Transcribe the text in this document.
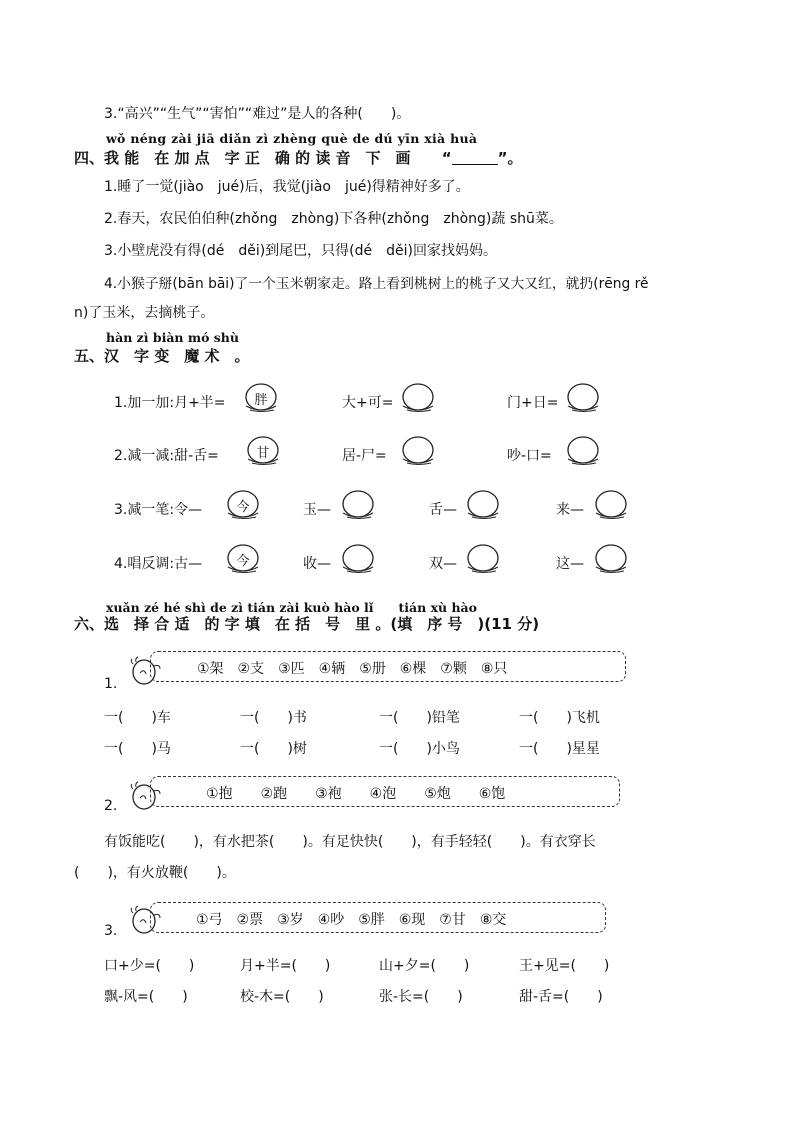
3.“高兴”“生气”“害怕”“难过”是人的各种(　　)。
wǒ néng zài jiā diǎn zì zhèng què de dú yīn xià huà
四、我 能　在 加 点　字 正　确 的 读 音　下　画 “	”。
1.睡了一觉(jiào　jué)后，我觉(jiào　jué)得精神好多了。
2.春天，农民伯伯种(zhǒng　zhòng)下各种(zhǒng　zhòng)蔬 shū菜。
3.小壁虎没有得(dé　děi)到尾巴，只得(dé　děi)回家找妈妈。
4.小猴子掰(bān bāi)了一个玉米朝家走。路上看到桃树上的桃子又大又红，就扔(rēng rě
n)了玉米，去摘桃子。
hàn zì biàn mó shù
五、汉　字 变　魔 术　。
1.加一加:月+半=	胖	大+可=	门+日=
2.减一减:甜-舌=	甘	居-尸=	吵-口=
3.减一笔:令—	今	玉—	舌—	来—
4.唱反调:古—	今	收—	双—	这—
xuǎn zé hé shì de zì tián zài kuò hào lǐ　　tián xù hào
六、选　择 合 适　的 字 填　在 括　号　里 。(填　序 号　)(11 分)
①架　②支　③匹　④辆　⑤册　⑥棵　⑦颗　⑧只
1.
一(　　)车	一(　　)书	一(　　)铅笔	一(　　)飞机
一(　　)马	一(　　)树	一(　　)小鸟	一(　　)星星
①抱　　②跑　　③袍　　④泡　　⑤炮　　⑥饱
2.
有饭能吃(　　)，有水把茶(　　)。有足快快(　　)，有手轻轻(　　)。有衣穿长
(　　)，有火放鞭(　　)。
①弓　②票　③岁　④吵　⑤胖　⑥现　⑦甘　⑧交
3.
口+少=(　　)	月+半=(　　)	山+夕=(　　)	王+见=(　　)
飘-风=(　　)	校-木=(　　)	张-长=(　　)	甜-舌=(　　)
